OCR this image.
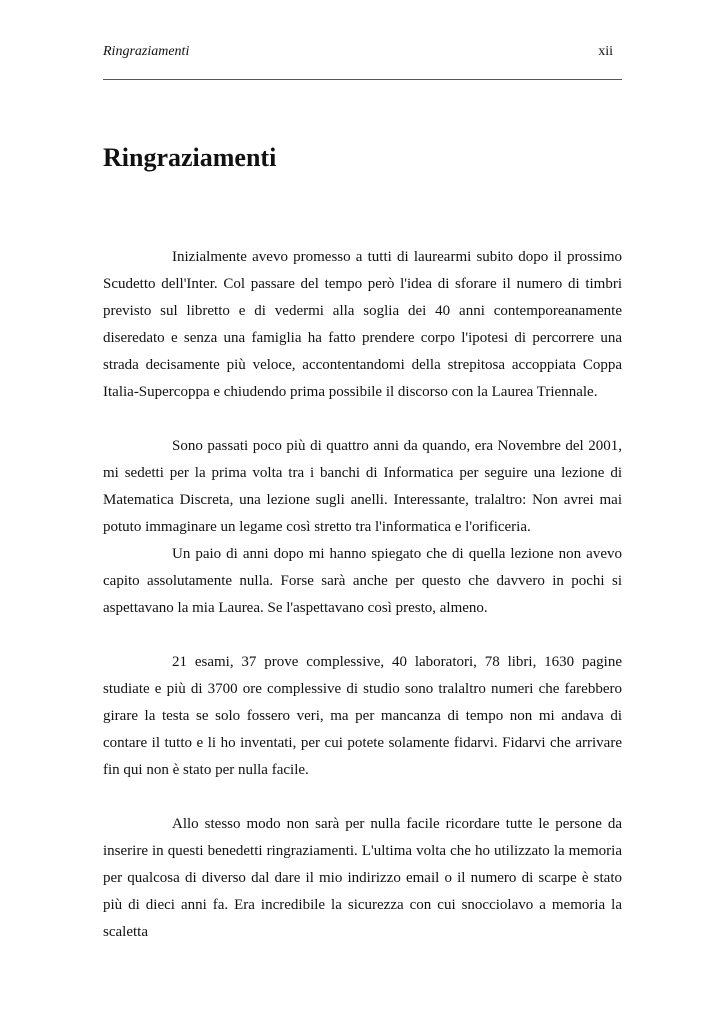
Ringraziamenti	xii
Ringraziamenti

Inizialmente avevo promesso a tutti di laurearmi subito dopo il prossimo Scudetto dell'Inter. Col passare del tempo però l'idea di sforare il numero di timbri previsto sul libretto e di vedermi alla soglia dei 40 anni contemporeanamente diseredato e senza una famiglia ha fatto prendere corpo l'ipotesi di percorrere una strada decisamente più veloce, accontentandomi della strepitosa accoppiata Coppa Italia-Supercoppa e chiudendo prima possibile il discorso con la Laurea Triennale.

Sono passati poco più di quattro anni da quando, era Novembre del 2001, mi sedetti per la prima volta tra i banchi di Informatica per seguire una lezione di Matematica Discreta, una lezione sugli anelli. Interessante, tralaltro: Non avrei mai potuto immaginare un legame così stretto tra l'informatica e l'orificeria.

Un paio di anni dopo mi hanno spiegato che di quella lezione non avevo capito assolutamente nulla. Forse sarà anche per questo che davvero in pochi si aspettavano la mia Laurea. Se l'aspettavano così presto, almeno.

21 esami, 37 prove complessive, 40 laboratori, 78 libri, 1630 pagine studiate e più di 3700 ore complessive di studio sono tralaltro numeri che farebbero girare la testa se solo fossero veri, ma per mancanza di tempo non mi andava di contare il tutto e li ho inventati, per cui potete solamente fidarvi. Fidarvi che arrivare fin qui non è stato per nulla facile.

Allo stesso modo non sarà per nulla facile ricordare tutte le persone da inserire in questi benedetti ringraziamenti. L'ultima volta che ho utilizzato la memoria per qualcosa di diverso dal dare il mio indirizzo email o il numero di scarpe è stato più di dieci anni fa. Era incredibile la sicurezza con cui snocciolavo a memoria la scaletta
